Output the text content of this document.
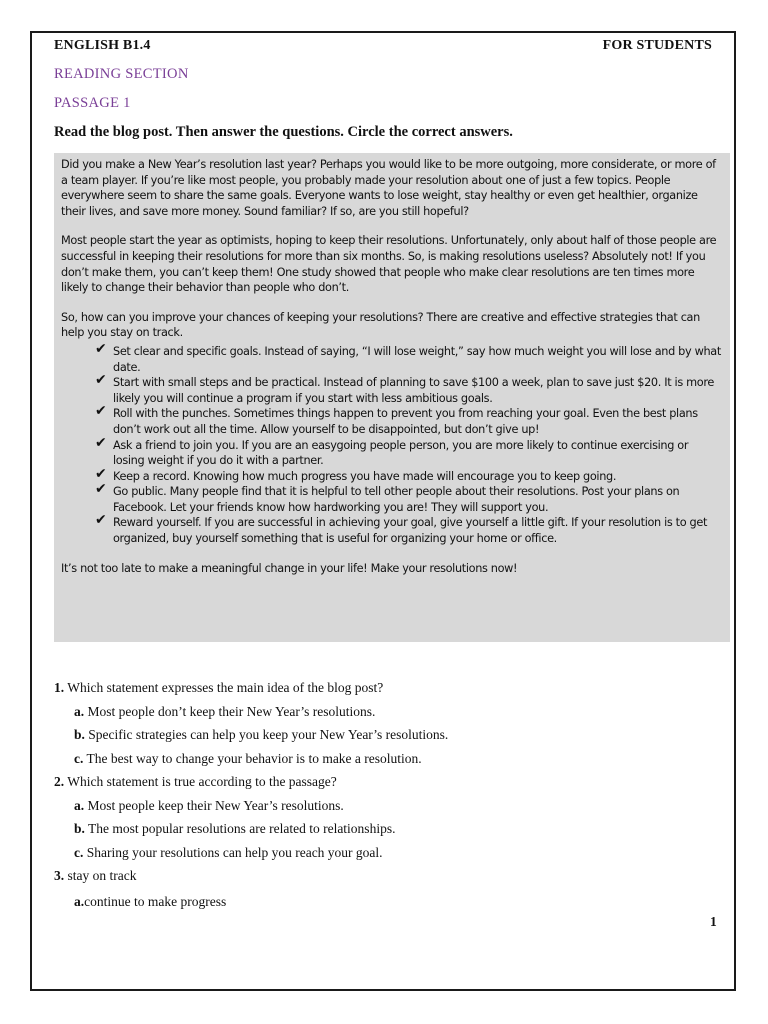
ENGLISH B1.4	FOR STUDENTS
READING SECTION
PASSAGE 1
Read the blog post. Then answer the questions. Circle the correct answers.

Did you make a New Year’s resolution last year? Perhaps you would like to be more outgoing, more considerate, or more of a team player. If you’re like most people, you probably made your resolution about one of just a few topics. People everywhere seem to share the same goals. Everyone wants to lose weight, stay healthy or even get healthier, organize their lives, and save more money. Sound familiar? If so, are you still hopeful?

Most people start the year as optimists, hoping to keep their resolutions. Unfortunately, only about half of those people are successful in keeping their resolutions for more than six months. So, is making resolutions useless? Absolutely not! If you don’t make them, you can’t keep them! One study showed that people who make clear resolutions are ten times more likely to change their behavior than people who don’t.

So, how can you improve your chances of keeping your resolutions? There are creative and effective strategies that can help you stay on track.

✔ Set clear and specific goals. Instead of saying, “I will lose weight,” say how much weight you will lose and by what date.
✔ Start with small steps and be practical. Instead of planning to save $100 a week, plan to save just $20. It is more likely you will continue a program if you start with less ambitious goals.
✔ Roll with the punches. Sometimes things happen to prevent you from reaching your goal. Even the best plans don’t work out all the time. Allow yourself to be disappointed, but don’t give up!
✔ Ask a friend to join you. If you are an easygoing people person, you are more likely to continue exercising or losing weight if you do it with a partner.
✔ Keep a record. Knowing how much progress you have made will encourage you to keep going.
✔ Go public. Many people find that it is helpful to tell other people about their resolutions. Post your plans on Facebook. Let your friends know how hardworking you are! They will support you.
✔ Reward yourself. If you are successful in achieving your goal, give yourself a little gift. If your resolution is to get organized, buy yourself something that is useful for organizing your home or office.

It’s not too late to make a meaningful change in your life! Make your resolutions now!

1. Which statement expresses the main idea of the blog post?
a. Most people don’t keep their New Year’s resolutions.
b. Specific strategies can help you keep your New Year’s resolutions.
c. The best way to change your behavior is to make a resolution.
2. Which statement is true according to the passage?
a. Most people keep their New Year’s resolutions.
b. The most popular resolutions are related to relationships.
c. Sharing your resolutions can help you reach your goal.
3. stay on track
a.continue to make progress
1
